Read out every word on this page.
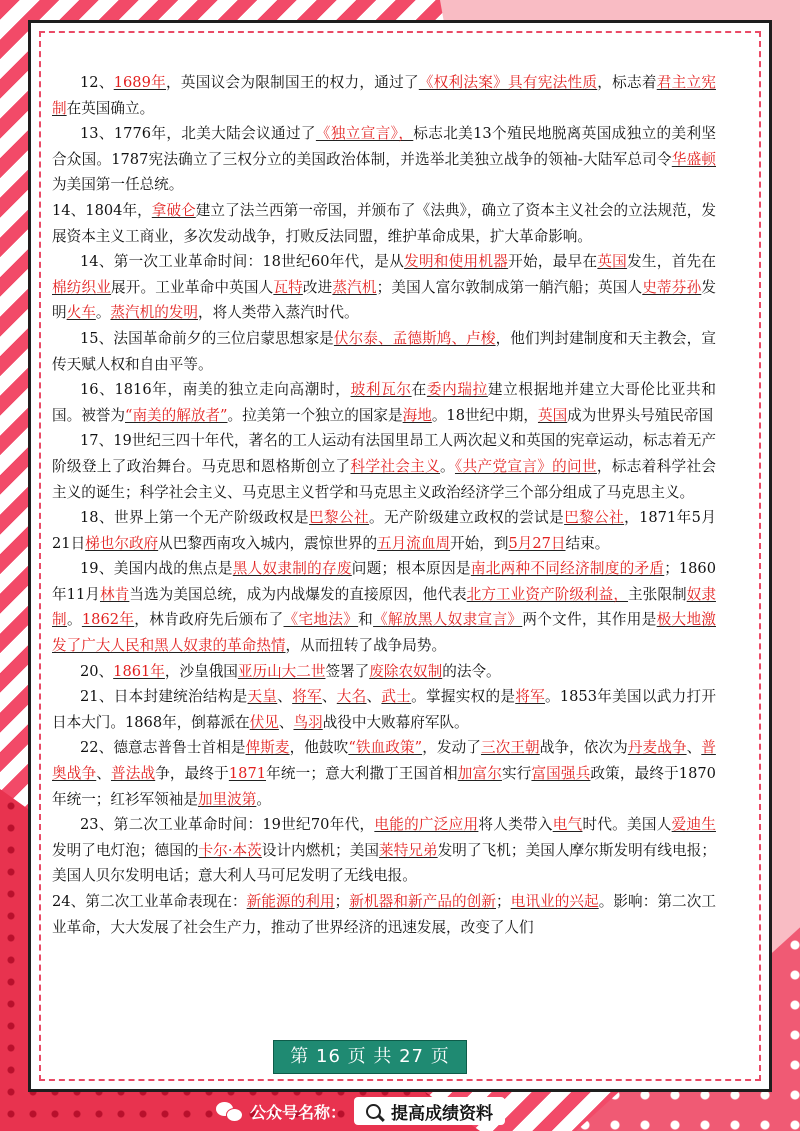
12、1689年，英国议会为限制国王的权力，通过了《权利法案》具有宪法性质，标志着君主立宪制在英国确立。

13、1776年，北美大陆会议通过了《独立宣言》，标志北美13个殖民地脱离英国成独立的美利坚合众国。1787宪法确立了三权分立的美国政治体制，并选举北美独立战争的领袖-大陆军总司令华盛顿为美国第一任总统。

14、1804年，拿破仑建立了法兰西第一帝国，并颁布了《法典》，确立了资本主义社会的立法规范，发展资本主义工商业，多次发动战争，打败反法同盟，维护革命成果，扩大革命影响。

14、第一次工业革命时间：18世纪60年代，是从发明和使用机器开始，最早在英国发生，首先在棉纺织业展开。工业革命中英国人瓦特改进蒸汽机；美国人富尔敦制成第一艄汽船；英国人史蒂芬孙发明火车。蒸汽机的发明，将人类带入蒸汽时代。

15、法国革命前夕的三位启蒙思想家是伏尔泰、孟德斯鸠、卢梭，他们判封建制度和天主教会，宣传天赋人权和自由平等。

16、1816年，南美的独立走向高潮时，玻利瓦尔在委内瑞拉建立根据地并建立大哥伦比亚共和国。被誉为“南美的解放者”。拉美第一个独立的国家是海地。18世纪中期，英国成为世界头号殖民帝国

17、19世纪三四十年代，著名的工人运动有法国里昂工人两次起义和英国的宪章运动，标志着无产阶级登上了政治舞台。马克思和恩格斯创立了科学社会主义。《共产党宣言》的问世，标志着科学社会主义的诞生；科学社会主义、马克思主义哲学和马克思主义政治经济学三个部分组成了马克思主义。

18、世界上第一个无产阶级政权是巴黎公社。无产阶级建立政权的尝试是巴黎公社，1871年5月21日梯也尔政府从巴黎西南攻入城内，震惊世界的五月流血周开始，到5月27日结束。

19、美国内战的焦点是黑人奴隶制的存废问题；根本原因是南北两种不同经济制度的矛盾；1860年11月林肯当选为美国总统，成为内战爆发的直接原因，他代表北方工业资产阶级利益，主张限制奴隶制。1862年，林肯政府先后颁布了《宅地法》和《解放黑人奴隶宣言》两个文件，其作用是极大地激发了广大人民和黑人奴隶的革命热情，从而扭转了战争局势。

20、1861年，沙皇俄国亚历山大二世签署了废除农奴制的法令。

21、日本封建统治结构是天皇、将军、大名、武士。掌握实权的是将军。1853年美国以武力打开日本大门。1868年，倒幕派在伏见、鸟羽战役中大败幕府军队。

22、德意志普鲁士首相是俾斯麦，他鼓吹“铁血政策”，发动了三次王朝战争，依次为丹麦战争、普奥战争、普法战争，最终于1871年统一；意大利撒丁王国首相加富尔实行富国强兵政策，最终于1870年统一；红衫军领袖是加里波第。

23、第二次工业革命时间：19世纪70年代，电能的广泛应用将人类带入电气时代。美国人爱迪生发明了电灯泡；德国的卡尔·本茨设计内燃机；美国莱特兄弟发明了飞机；美国人摩尔斯发明有线电报；美国人贝尔发明电话；意大利人马可尼发明了无线电报。

24、第二次工业革命表现在：新能源的利用；新机器和新产品的创新；电讯业的兴起。影响：第二次工业革命，大大发展了社会生产力，推动了世界经济的迅速发展，改变了人们

第 16 页 共 27 页
公众号名称：	提高成绩资料
